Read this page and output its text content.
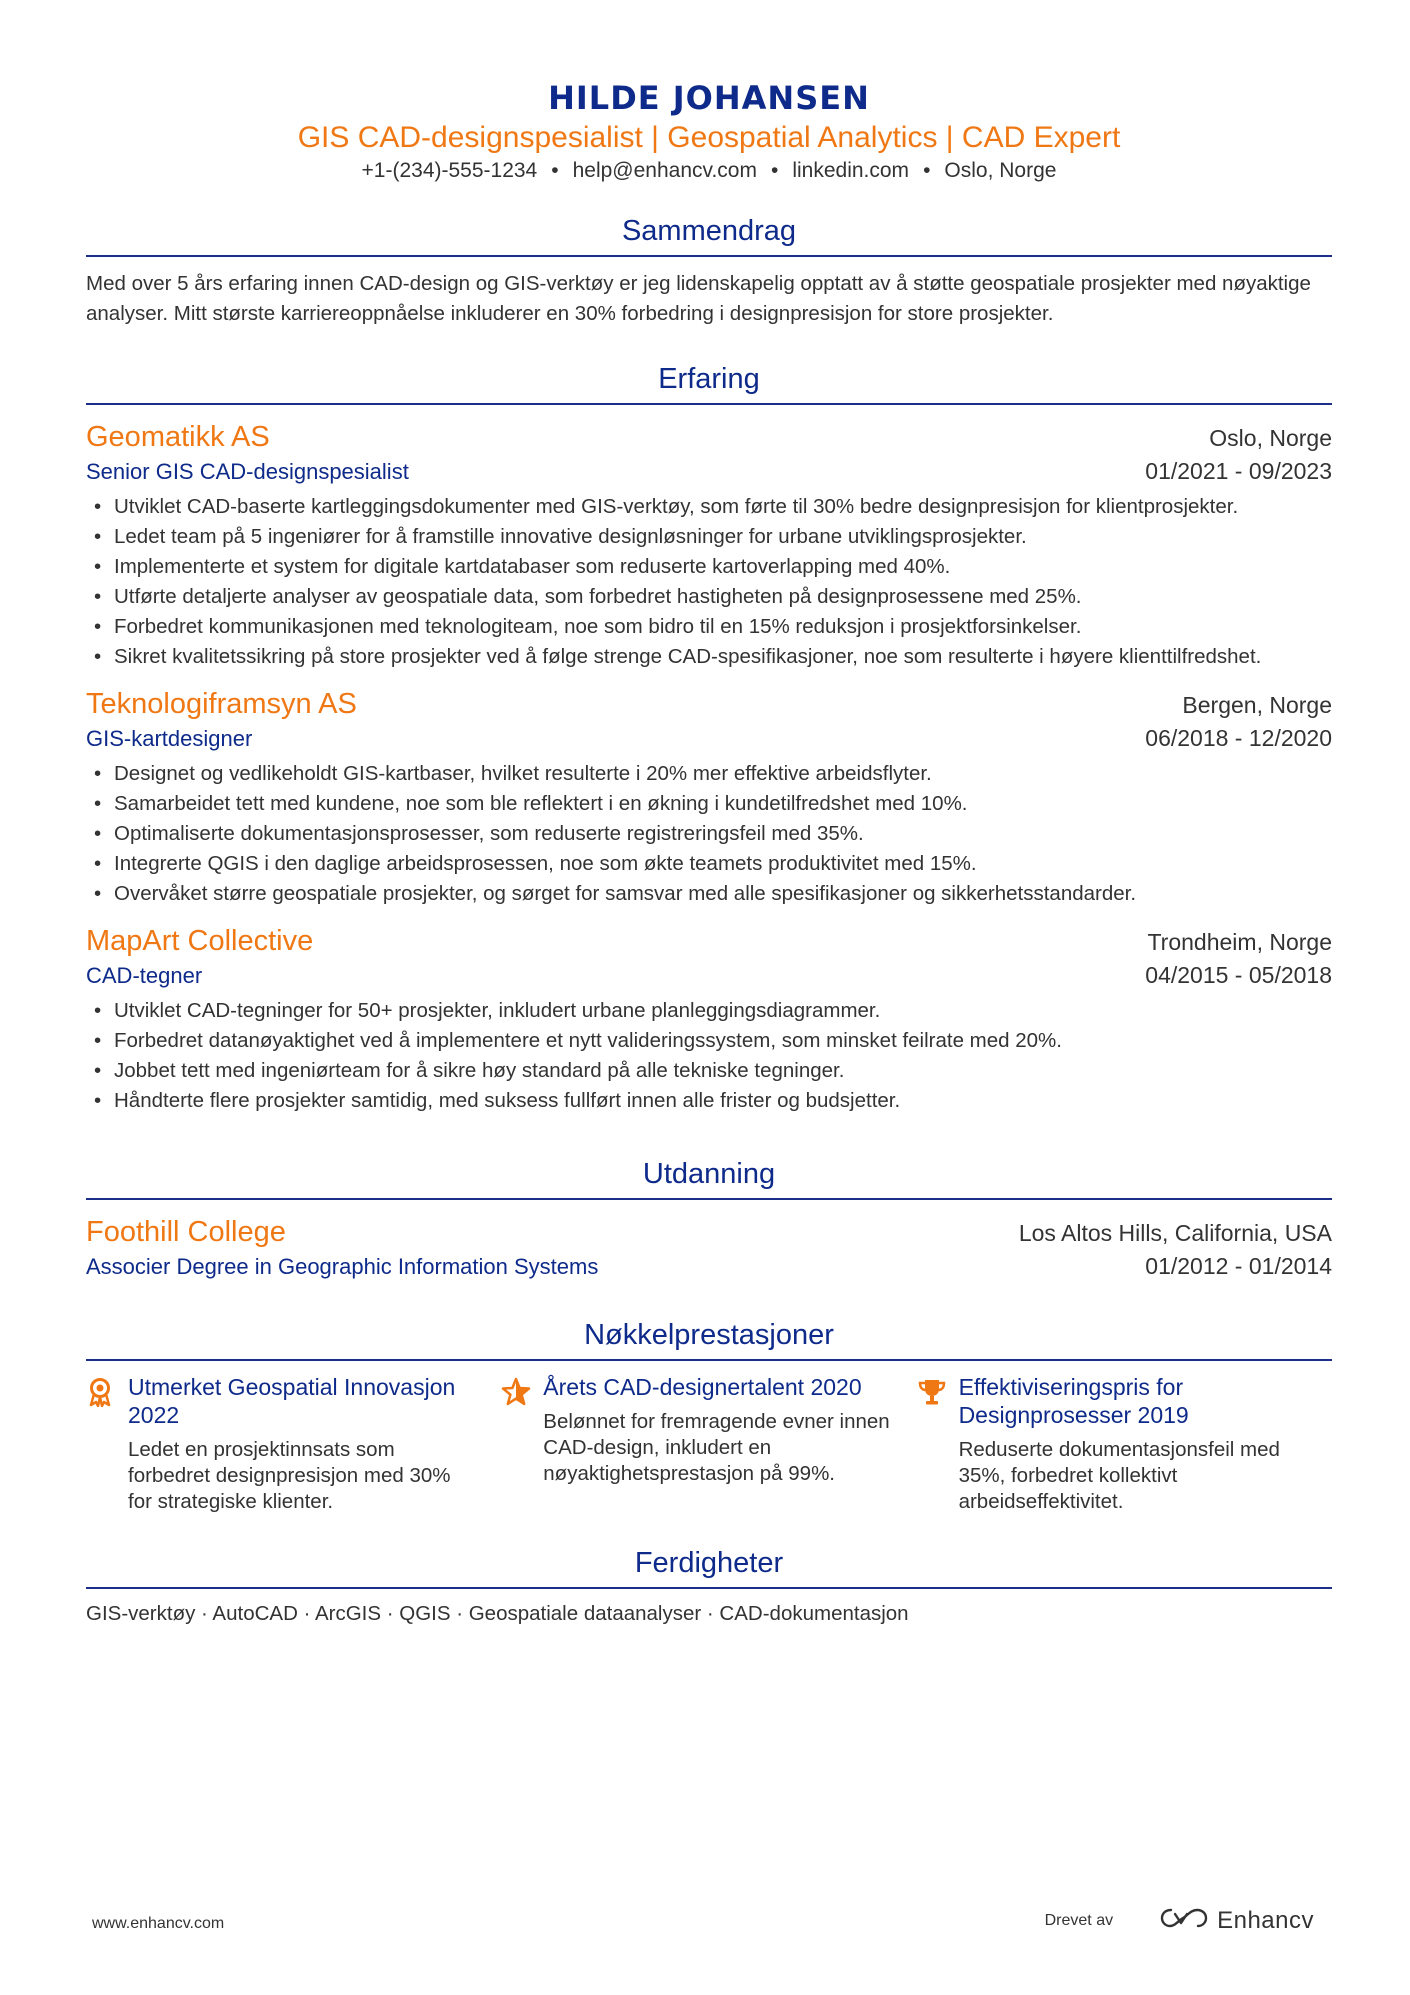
HILDE JOHANSEN
GIS CAD-designspesialist | Geospatial Analytics | CAD Expert
+1-(234)-555-1234 • help@enhancv.com • linkedin.com • Oslo, Norge
Sammendrag
Med over 5 års erfaring innen CAD-design og GIS-verktøy er jeg lidenskapelig opptatt av å støtte geospatiale prosjekter med nøyaktige analyser. Mitt største karriereoppnåelse inkluderer en 30% forbedring i designpresisjon for store prosjekter.
Erfaring
Geomatikk AS	Oslo, Norge
Senior GIS CAD-designspesialist	01/2021 - 09/2023
• Utviklet CAD-baserte kartleggingsdokumenter med GIS-verktøy, som førte til 30% bedre designpresisjon for klientprosjekter.
• Ledet team på 5 ingeniører for å framstille innovative designløsninger for urbane utviklingsprosjekter.
• Implementerte et system for digitale kartdatabaser som reduserte kartoverlapping med 40%.
• Utførte detaljerte analyser av geospatiale data, som forbedret hastigheten på designprosessene med 25%.
• Forbedret kommunikasjonen med teknologiteam, noe som bidro til en 15% reduksjon i prosjektforsinkelser.
• Sikret kvalitetssikring på store prosjekter ved å følge strenge CAD-spesifikasjoner, noe som resulterte i høyere klienttilfredshet.
Teknologiframsyn AS	Bergen, Norge
GIS-kartdesigner	06/2018 - 12/2020
• Designet og vedlikeholdt GIS-kartbaser, hvilket resulterte i 20% mer effektive arbeidsflyter.
• Samarbeidet tett med kundene, noe som ble reflektert i en økning i kundetilfredshet med 10%.
• Optimaliserte dokumentasjonsprosesser, som reduserte registreringsfeil med 35%.
• Integrerte QGIS i den daglige arbeidsprosessen, noe som økte teamets produktivitet med 15%.
• Overvåket større geospatiale prosjekter, og sørget for samsvar med alle spesifikasjoner og sikkerhetsstandarder.
MapArt Collective	Trondheim, Norge
CAD-tegner	04/2015 - 05/2018
• Utviklet CAD-tegninger for 50+ prosjekter, inkludert urbane planleggingsdiagrammer.
• Forbedret datanøyaktighet ved å implementere et nytt valideringssystem, som minsket feilrate med 20%.
• Jobbet tett med ingeniørteam for å sikre høy standard på alle tekniske tegninger.
• Håndterte flere prosjekter samtidig, med suksess fullført innen alle frister og budsjetter.
Utdanning
Foothill College	Los Altos Hills, California, USA
Associer Degree in Geographic Information Systems	01/2012 - 01/2014
Nøkkelprestasjoner
Utmerket Geospatial Innovasjon 2022
Ledet en prosjektinnsats som forbedret designpresisjon med 30% for strategiske klienter.
Årets CAD-designertalent 2020
Belønnet for fremragende evner innen CAD-design, inkludert en nøyaktighetsprestasjon på 99%.
Effektiviseringspris for Designprosesser 2019
Reduserte dokumentasjonsfeil med 35%, forbedret kollektivt arbeidseffektivitet.
Ferdigheter
GIS-verktøy · AutoCAD · ArcGIS · QGIS · Geospatiale dataanalyser · CAD-dokumentasjon
www.enhancv.com	Drevet av	Enhancv
